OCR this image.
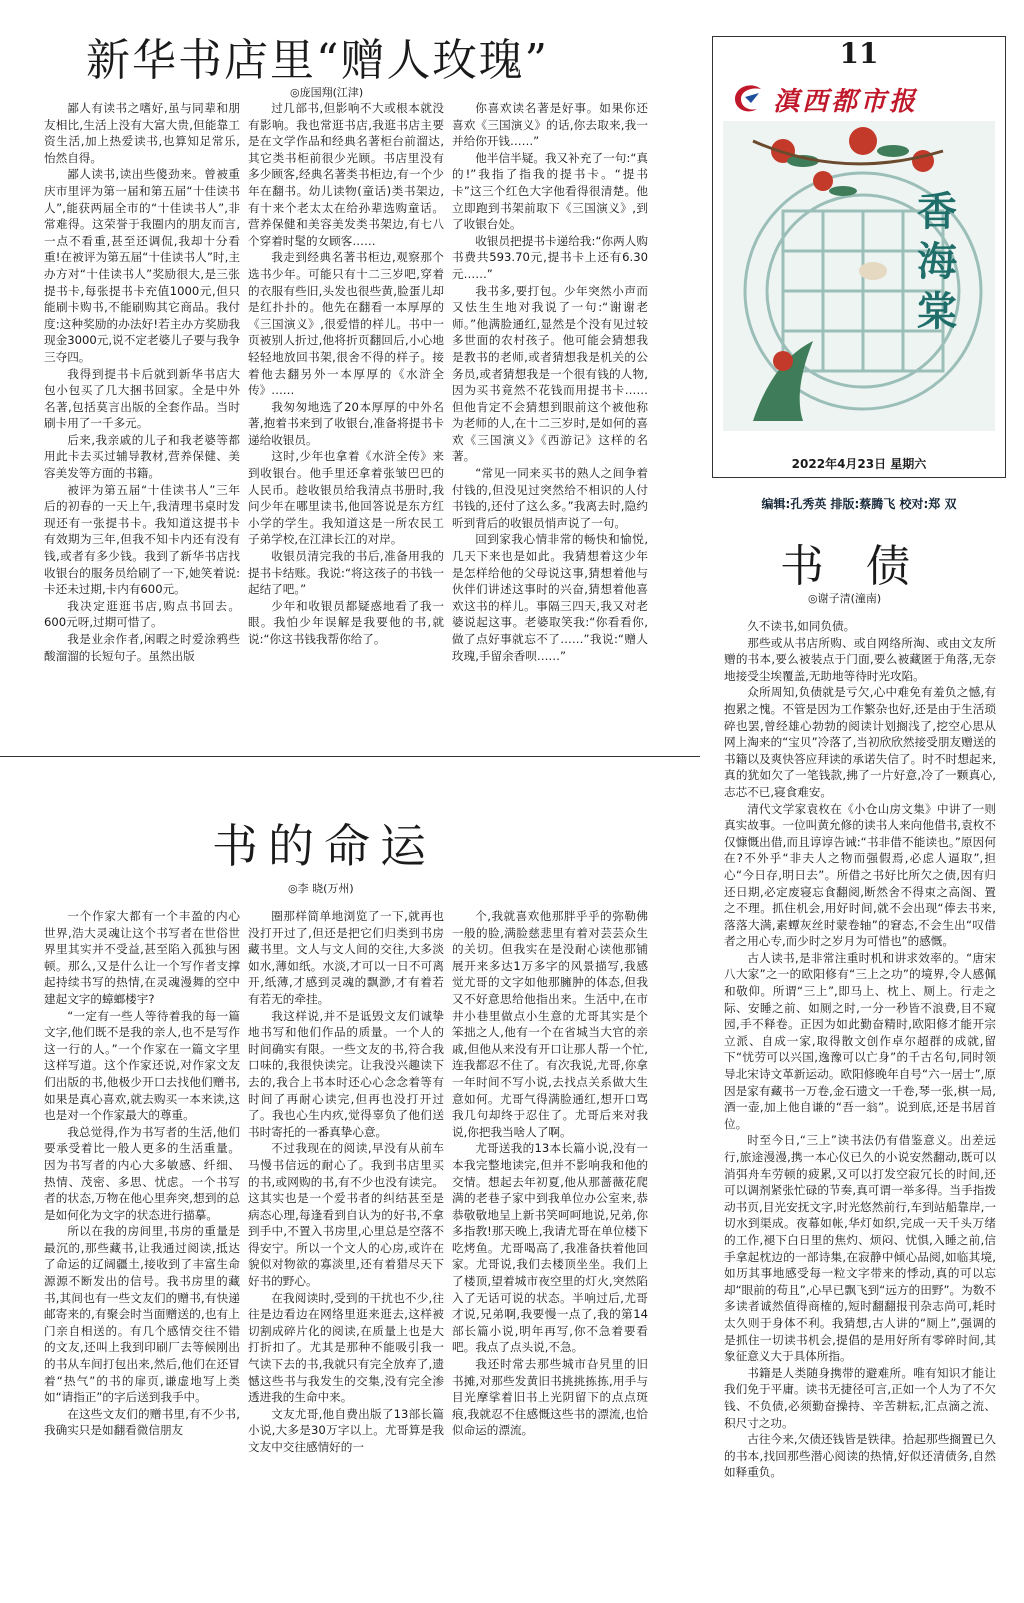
新华书店里“赠人玫瑰”
◎庞国翔(江津)

鄙人有读书之嗜好,虽与同辈和朋友相比,生活上没有大富大贵,但能靠工资生活,加上热爱读书,也算知足常乐,怡然自得。

鄙人读书,读出些傻劲来。曾被重庆市里评为第一届和第五届“十佳读书人”,能获两届全市的“十佳读书人”,非常难得。这荣誉于我圈内的朋友而言,一点不看重,甚至还调侃,我却十分看重!在被评为第五届“十佳读书人”时,主办方对“十佳读书人”奖励很大,是三张提书卡,每张提书卡充值1000元,但只能刷卡购书,不能刷购其它商品。我付度:这种奖励的办法好!若主办方奖励我现金3000元,说不定老婆儿子要与我争三夺四。

我得到提书卡后就到新华书店大包小包买了几大捆书回家。全是中外名著,包括莫言出版的全套作品。当时刷卡用了一千多元。

后来,我亲戚的儿子和我老婆等都用此卡去买过辅导教材,营养保健、美容美发等方面的书籍。

被评为第五届“十佳读书人”三年后的初春的一天上午,我清理书桌时发现还有一张提书卡。我知道这提书卡有效期为三年,但我不知卡内还有没有钱,或者有多少钱。我到了新华书店找收银台的服务员给刷了一下,她笑着说:卡还未过期,卡内有600元。

我决定逛逛书店,购点书回去。600元呀,过期可惜了。

我是业余作者,闲暇之时爱涂鸦些酸溜溜的长短句子。虽然出版

过几部书,但影响不大或根本就没有影响。我也常逛书店,我逛书店主要是在文学作品和经典名著柜台前溜达,其它类书柜前很少光顾。书店里没有多少顾客,经典名著类书柜边,有一个少年在翻书。幼儿读物(童话)类书架边,有十来个老太太在给孙辈选购童话。营养保健和美容美发类书架边,有七八个穿着时髦的女顾客……

我走到经典名著书柜边,观察那个选书少年。可能只有十二三岁吧,穿着的衣服有些旧,头发也很些黄,脸蛋儿却是红扑扑的。他先在翻看一本厚厚的《三国演义》,很爱惜的样儿。书中一页被别人折过,他将折页翻回后,小心地轻轻地放回书架,很舍不得的样子。接着他去翻另外一本厚厚的《水浒全传》……

我匆匆地选了20本厚厚的中外名著,抱着书来到了收银台,准备将提书卡递给收银员。

这时,少年也拿着《水浒全传》来到收银台。他手里还拿着张皱巴巴的人民币。趁收银员给我清点书册时,我问少年在哪里读书,他回答说是东方红小学的学生。我知道这是一所农民工子弟学校,在江津长江的对岸。

收银员清完我的书后,准备用我的提书卡结账。我说:“将这孩子的书钱一起结了吧。”

少年和收银员都疑惑地看了我一眼。我怕少年误解是我要他的书,就说:“你这书钱我帮你给了。

你喜欢读名著是好事。如果你还喜欢《三国演义》的话,你去取来,我一并给你开钱……”

他半信半疑。我又补充了一句:“真的!”我指了指我的提书卡。“提书卡”这三个红色大字他看得很清楚。他立即跑到书架前取下《三国演义》,到了收银台处。

收银员把提书卡递给我:“你两人购书费共593.70元,提书卡上还有6.30元……”

我书多,要打包。少年突然小声而又怯生生地对我说了一句:“谢谢老师。”他满脸通红,显然是个没有见过较多世面的农村孩子。他可能会猜想我是教书的老师,或者猜想我是机关的公务员,或者猜想我是一个很有钱的人物,因为买书竟然不花钱而用提书卡……但他肯定不会猜想到眼前这个被他称为老师的人,在十二三岁时,是如何的喜欢《三国演义》《西游记》这样的名著。

“常见一同来买书的熟人之间争着付钱的,但没见过突然给不相识的人付书钱的,还付了这么多。”我离去时,隐约听到背后的收银员悄声说了一句。

回到家我心情非常的畅快和愉悦,几天下来也是如此。我猜想着这少年是怎样给他的父母说这事,猜想着他与伙伴们讲述这事时的兴奋,猜想着他喜欢这书的样儿。事隔三四天,我又对老婆说起这事。老婆取笑我:“你看看你,做了点好事就忘不了……”我说:“赠人玫瑰,手留余香呗……”

书的命运
◎李 晓(万州)

一个作家大都有一个丰盈的内心世界,浩大灵魂让这个书写者在世俗世界里其实并不受益,甚至陷入孤独与困顿。那么,又是什么让一个写作者支撑起持续书写的热情,在灵魂漫舞的空中建起文字的蟑螂楼宇?

“一定有一些人等待着我的每一篇文字,他们既不是我的亲人,也不是写作这一行的人。”一个作家在一篇文字里这样写道。这个作家还说,对作家文友们出版的书,他极少开口去找他们赠书,如果是真心喜欢,就去购买一本来读,这也是对一个作家最大的尊重。

我总觉得,作为书写者的生活,他们要承受着比一般人更多的生活重量。因为书写者的内心大多敏感、纤细、热情、茂密、多思、忧虑。一个书写者的状态,万物在他心里奔突,想到的总是如何化为文字的状态进行描摹。

所以在我的房间里,书房的重量是最沉的,那些藏书,让我通过阅读,抵达了命运的辽阔疆土,接收到了丰富生命源源不断发出的信号。我书房里的藏书,其间也有一些文友们的赠书,有快递邮寄来的,有聚会时当面赠送的,也有上门亲自相送的。有几个感情交往不错的文友,还叫上我到印刷厂去等候刚出的书从车间打包出来,然后,他们在还冒着“热气”的书的扉页,谦虚地写上类如“请指正”的字后送到我手中。

在这些文友们的赠书里,有不少书,我确实只是如翻看微信朋友

圈那样简单地浏览了一下,就再也没打开过了,但还是把它们归类到书房藏书里。文人与文人间的交往,大多淡如水,薄如纸。水淡,才可以一日不可离开,纸薄,才感到灵魂的飘渺,才有着若有若无的牵挂。

我这样说,并不是诋毁文友们诚挚地书写和他们作品的质量。一个人的时间确实有限。一些文友的书,符合我口味的,我很快读完。让我没兴趣读下去的,我合上书本时还心心念念着等有时间了再耐心读完,但再也没打开过了。我也心生内疚,觉得辜负了他们送书时寄托的一番真挚心意。

不过我现在的阅读,早没有从前车马慢书信远的耐心了。我到书店里买的书,或网购的书,有不少也没有读完。这其实也是一个爱书者的纠结甚至是病态心理,每逢看到自认为的好书,不拿到手中,不置入书房里,心里总是空落不得安宁。所以一个文人的心房,或许在貌似对物欲的寡淡里,还有着猎尽天下好书的野心。

在我阅读时,受到的干扰也不少,往往是边看边在网络里逛来逛去,这样被切割成碎片化的阅读,在质量上也是大打折扣了。尤其是那种不能吸引我一气读下去的书,我就只有完全放弃了,遗憾这些书与我发生的交集,没有完全渗透进我的生命中来。

文友尤哥,他自费出版了13部长篇小说,大多是30万字以上。尤哥算是我文友中交往感情好的一

个,我就喜欢他那胖乎乎的弥勒佛一般的脸,满脸慈悲里有着对芸芸众生的关切。但我实在是没耐心读他那铺展开来多达1万多字的风景描写,我感觉尤哥的文字如他那臃肿的体态,但我又不好意思给他指出来。生活中,在市井小巷里做点小生意的尤哥其实是个笨拙之人,他有一个在省城当大官的亲戚,但他从来没有开口让那人帮一个忙,连我都忍不住了。有次我说,尤哥,你拿一年时间不写小说,去找点关系做大生意如何。尤哥气得满脸通红,想开口骂我几句却终于忍住了。尤哥后来对我说,你把我当啥人了啊。

尤哥送我的13本长篇小说,没有一本我完整地读完,但并不影响我和他的交情。想起去年初夏,他从那蔷薇花爬满的老巷子家中到我单位办公室来,恭恭敬敬地呈上新书笑呵呵地说,兄弟,你多指教!那天晚上,我请尤哥在单位楼下吃烤鱼。尤哥喝高了,我准备扶着他回家。尤哥说,我们去楼顶坐坐。我们上了楼顶,望着城市夜空里的灯火,突然陷入了无话可说的状态。半响过后,尤哥才说,兄弟啊,我要慢一点了,我的第14部长篇小说,明年再写,你不急着要看吧。我点了点头说,不急。

我还时常去那些城市旮旯里的旧书摊,对那些发黄旧书挑挑拣拣,用手与目光摩挲着旧书上光阴留下的点点斑痕,我就忍不住感慨这些书的漂流,也恰似命运的漂流。

11
滇西都市报
香
海
棠
2022年4月23日 星期六
编辑:孔秀英 排版:蔡腾飞 校对:郑 双
书 债
◎谢子清(潼南)

久不读书,如同负债。

那些或从书店所购、或自网络所淘、或由文友所赠的书本,要么被装点于门面,要么被藏匿于角落,无奈地接受尘埃覆盖,无助地等待时光攻陷。

众所周知,负债就是亏欠,心中难免有羞负之憾,有抱累之愧。不管是因为工作繁杂也好,还是由于生活琐碎也罢,曾经雄心勃勃的阅读计划搁浅了,挖空心思从网上淘来的“宝贝”冷落了,当初欣欣然接受朋友赠送的书籍以及爽快答应拜读的承诺失信了。时不时想起来,真的犹如欠了一笔钱款,拂了一片好意,冷了一颗真心,志芯不已,寝食难安。

清代文学家袁枚在《小仓山房文集》中讲了一则真实故事。一位叫黄允修的读书人来向他借书,袁枚不仅慷慨出借,而且谆谆告诫:“书非借不能读也。”原因何在?不外乎“非夫人之物而强假焉,必虑人逼取”,担心“今日存,明日去”。所借之书好比所欠之债,因有归还日期,必定废寝忘食翻阅,断然舍不得束之高阁、置之不理。抓住机会,用好时间,就不会出现“俸去书来,落落大满,素蟫灰丝时蒙卷轴”的窘态,不会生出“叹借者之用心专,而少时之岁月为可惜也”的感慨。

古人读书,是非常注重时机和讲求效率的。“唐宋八大家”之一的欧阳修有“三上之功”的境界,令人感佩和敬仰。所谓“三上”,即马上、枕上、厕上。行走之际、安睡之前、如厕之时,一分一秒皆不浪费,目不窥园,手不释卷。正因为如此勤奋精时,欧阳修才能开宗立派、自成一家,取得散文创作卓尔超群的成就,留下“忧劳可以兴国,逸豫可以亡身”的千古名句,同时领导北宋诗文革新运动。欧阳修晚年自号“六一居士”,原因是家有藏书一万卷,金石遗文一千卷,琴一张,棋一局,酒一壶,加上他自谦的“吾一翁”。说到底,还是书居首位。

时至今日,“三上”读书法仍有借鉴意义。出差远行,旅途漫漫,携一本心仪已久的小说安然翻动,既可以消弭舟车劳顿的疲累,又可以打发空寂冗长的时间,还可以调剂紧张忙碌的节奏,真可谓一举多得。当手指拨动书页,目光安抚文字,时光悠然前行,车到站船靠岸,一切水到渠成。夜幕如帐,华灯如织,完成一天千头万绪的工作,褪下白日里的焦灼、烦闷、忧惧,入睡之前,信手拿起枕边的一部诗集,在寂静中倾心品阅,如临其境,如历其事地感受每一粒文字带来的悸动,真的可以忘却“眼前的苟且”,心早已飘飞到“远方的田野”。为数不多读者诚然值得商榷的,短时翻翻报刊杂志尚可,耗时太久则于身体不利。我猜想,古人讲的“厕上”,强调的是抓住一切读书机会,提倡的是用好所有零碎时间,其象征意义大于具体所指。

书籍是人类随身携带的避难所。唯有知识才能让我们免于平庸。读书无捷径可言,正如一个人为了不欠钱、不负债,必须勤奋操持、辛苦耕耘,汇点滴之流、积尺寸之功。

古往今来,欠债还钱皆是铁律。拾起那些搁置已久的书本,找回那些潜心阅读的热情,好似还清债务,自然如释重负。
